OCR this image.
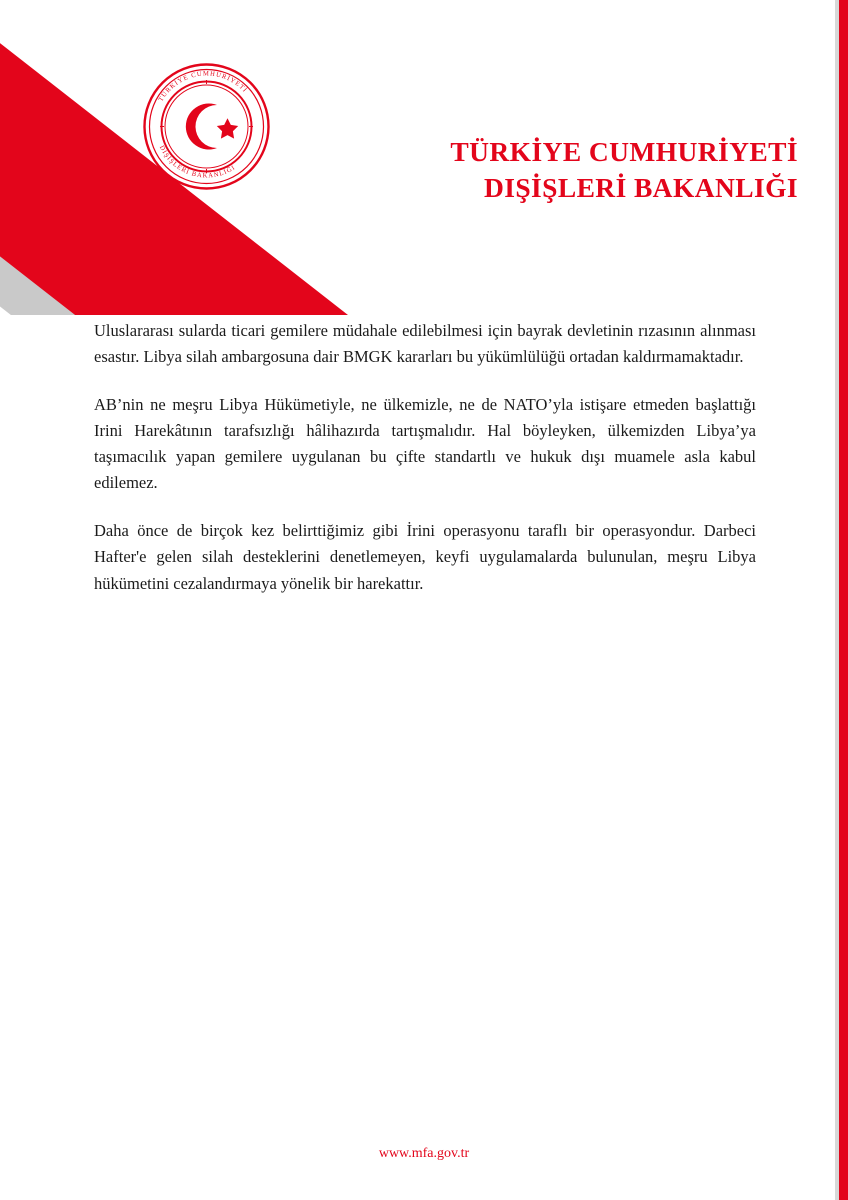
TÜRKİYE CUMHURİYETİ
DIŞİŞLERİ BAKANLIĞI
TÜRKİYE CUMHURİYETİ
DIŞİŞLERİ BAKANLIĞI

Uluslararası sularda ticari gemilere müdahale edilebilmesi için bayrak devletinin rızasının alınması esastır. Libya silah ambargosuna dair BMGK kararları bu yükümlülüğü ortadan kaldırmamaktadır.

AB’nin ne meşru Libya Hükümetiyle, ne ülkemizle, ne de NATO’yla istişare etmeden başlattığı Irini Harekâtının tarafsızlığı hâlihazırda tartışmalıdır. Hal böyleyken, ülkemizden Libya’ya taşımacılık yapan gemilere uygulanan bu çifte standartlı ve hukuk dışı muamele asla kabul edilemez.

Daha önce de birçok kez belirttiğimiz gibi İrini operasyonu taraflı bir operasyondur. Darbeci Hafter'e gelen silah desteklerini denetlemeyen, keyfi uygulamalarda bulunulan, meşru Libya hükümetini cezalandırmaya yönelik bir harekattır.

www.mfa.gov.tr
